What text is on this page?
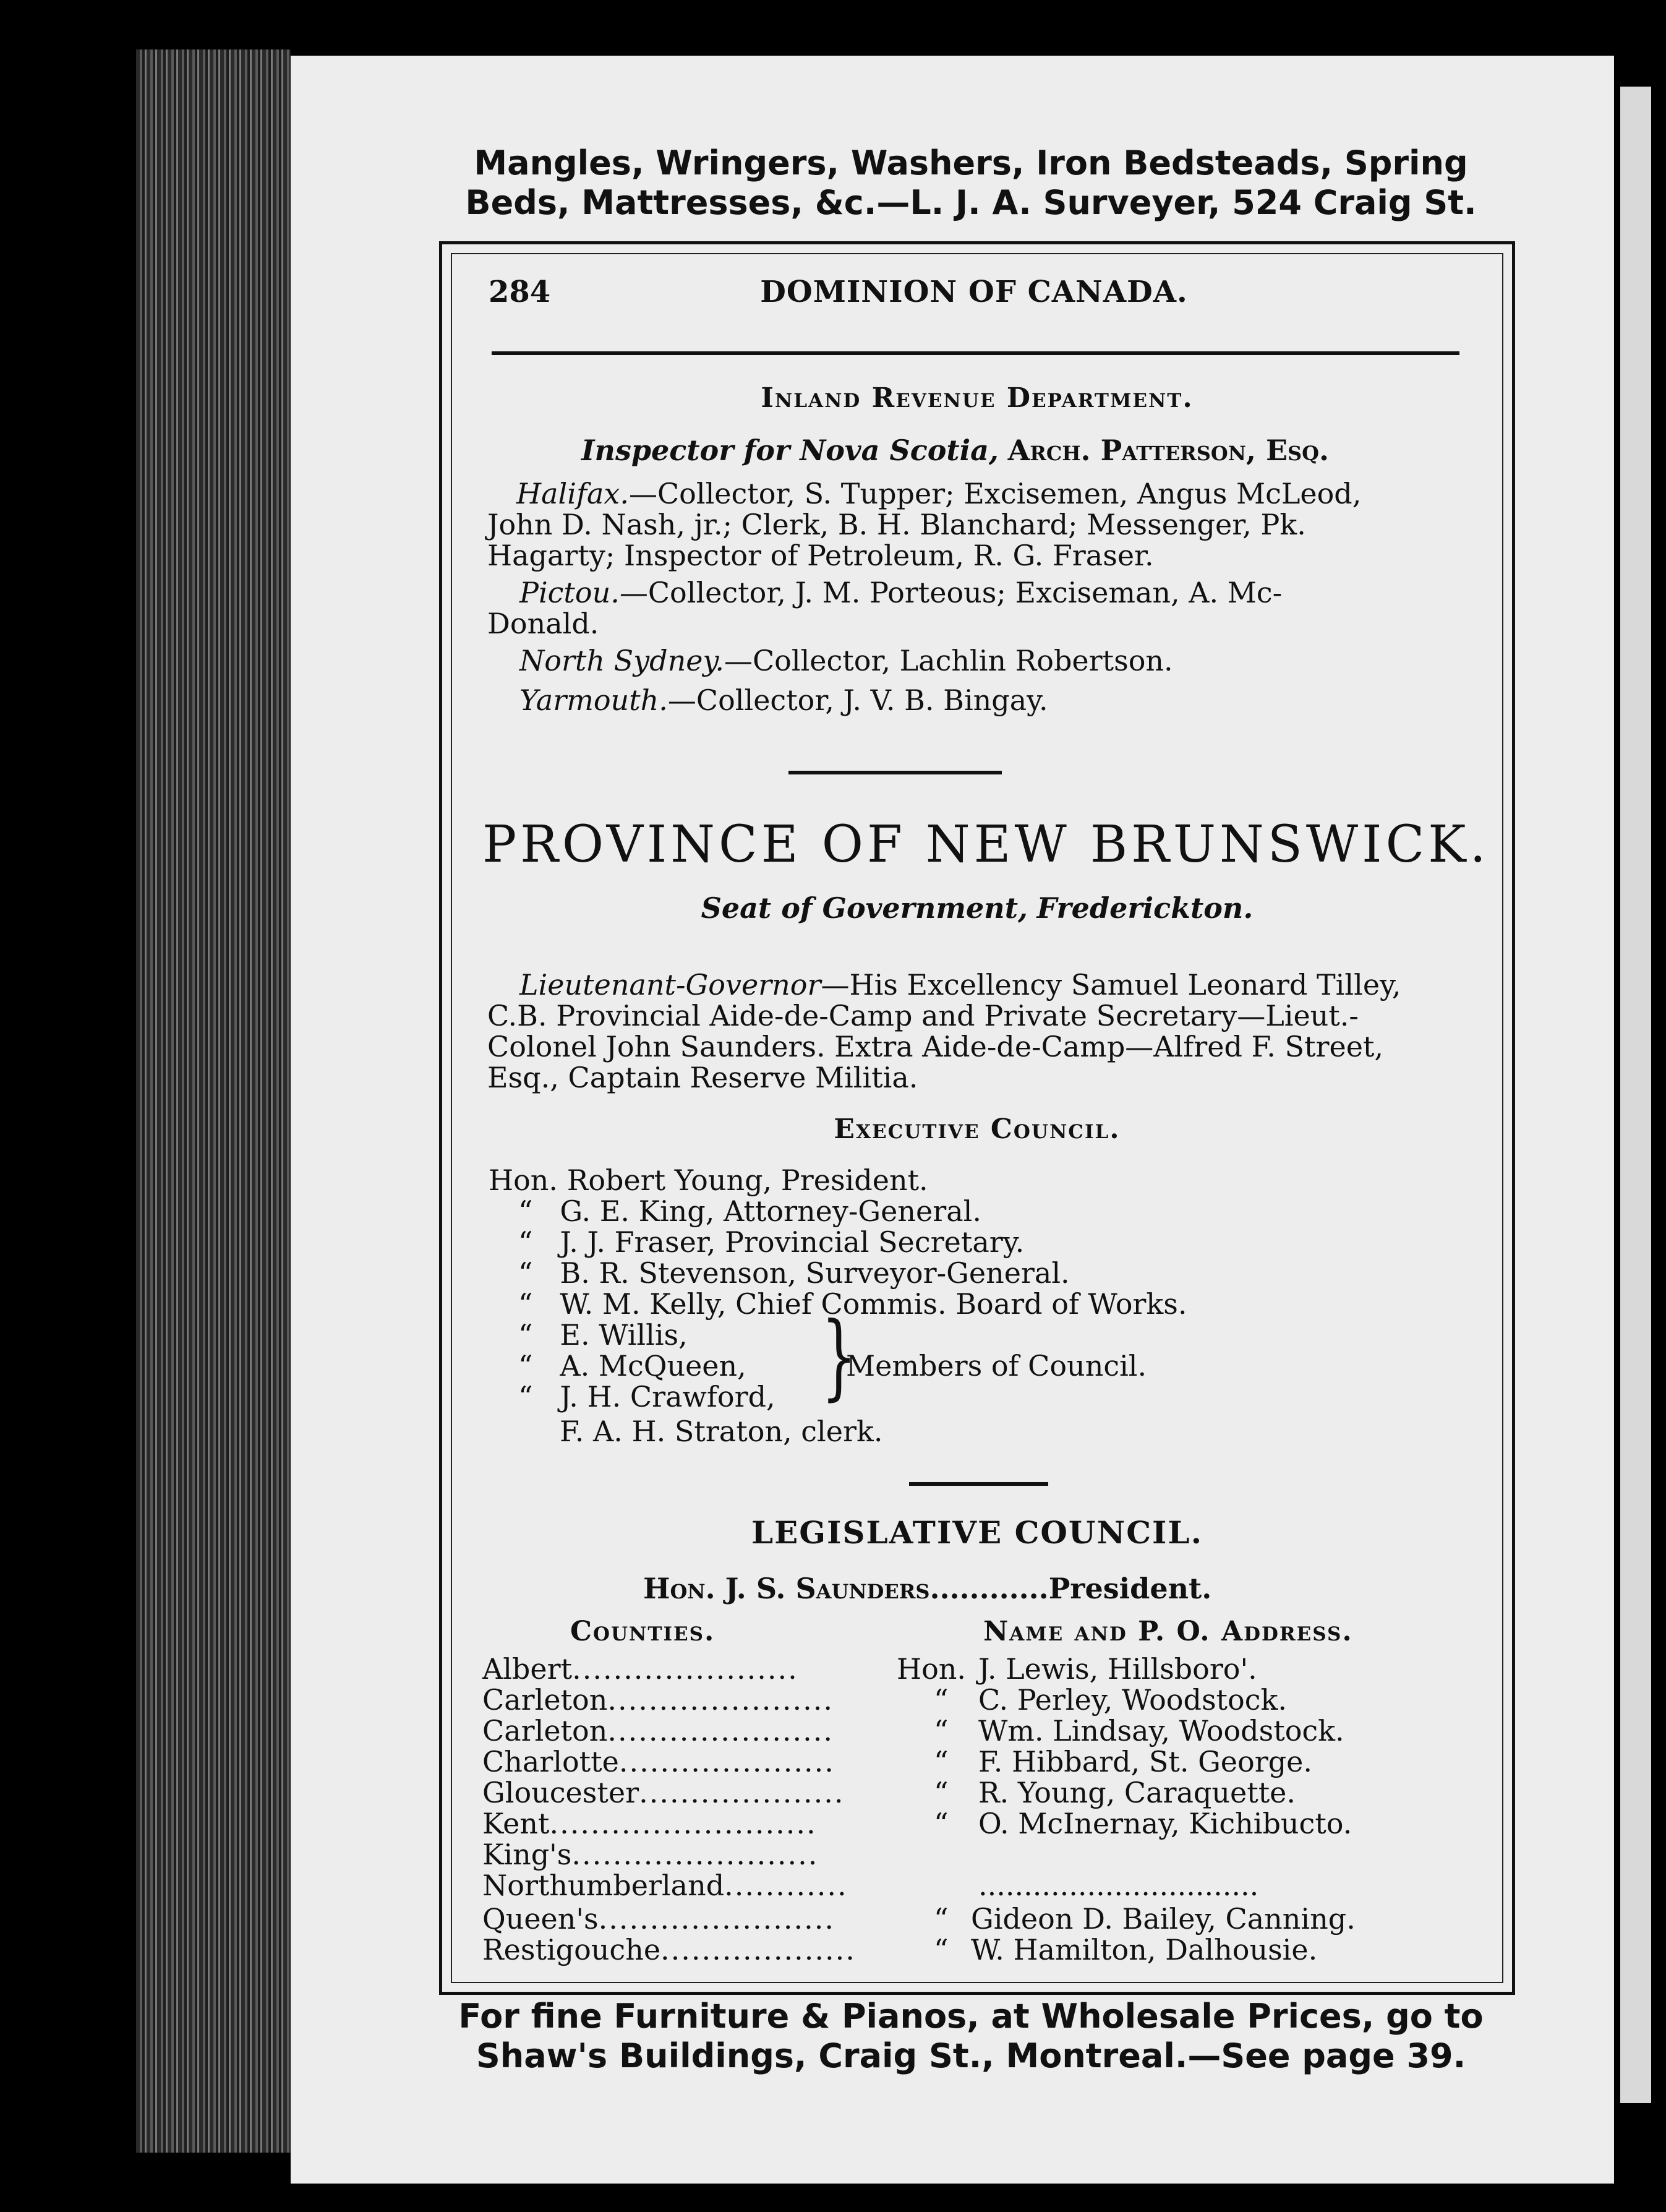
Mangles, Wringers, Washers, Iron Bedsteads, Spring
Beds, Mattresses, &c.—L. J. A. Surveyer, 524 Craig St.
284	DOMINION OF CANADA.
Inland Revenue Department.
Inspector for Nova Scotia, Arch. Patterson, Esq.
Halifax.—Collector, S. Tupper; Excisemen, Angus McLeod,
John D. Nash, jr.; Clerk, B. H. Blanchard; Messenger, Pk.
Hagarty; Inspector of Petroleum, R. G. Fraser.
Pictou.—Collector, J. M. Porteous; Exciseman, A. Mc-
Donald.
North Sydney.—Collector, Lachlin Robertson.
Yarmouth.—Collector, J. V. B. Bingay.
PROVINCE OF NEW BRUNSWICK.
Seat of Government, Frederickton.
Lieutenant-Governor—His Excellency Samuel Leonard Tilley,
C.B. Provincial Aide-de-Camp and Private Secretary—Lieut.-
Colonel John Saunders. Extra Aide-de-Camp—Alfred F. Street,
Esq., Captain Reserve Militia.
Executive Council.
Hon. Robert Young, President.
“ G. E. King, Attorney-General.
“ J. J. Fraser, Provincial Secretary.
“ B. R. Stevenson, Surveyor-General.
“ W. M. Kelly, Chief Commis. Board of Works.
“ E. Willis,
“ A. McQueen,
“ J. H. Crawford,
F. A. H. Straton, clerk.
}
Members of Council.
LEGISLATIVE COUNCIL.
Hon. J. S. Saunders............President.
Counties.	Name and P. O. Address.
Albert......................	Hon. J. Lewis, Hillsboro'.
Carleton......................	“ C. Perley, Woodstock.
Carleton......................	“ Wm. Lindsay, Woodstock.
Charlotte.....................	“ F. Hibbard, St. George.
Gloucester....................	“ R. Young, Caraquette.
Kent..........................	“ O. McInernay, Kichibucto.
King's........................
Northumberland............	...............................
Queen's.......................	“ Gideon D. Bailey, Canning.
Restigouche...................	“ W. Hamilton, Dalhousie.
For fine Furniture & Pianos, at Wholesale Prices, go to
Shaw's Buildings, Craig St., Montreal.—See page 39.
